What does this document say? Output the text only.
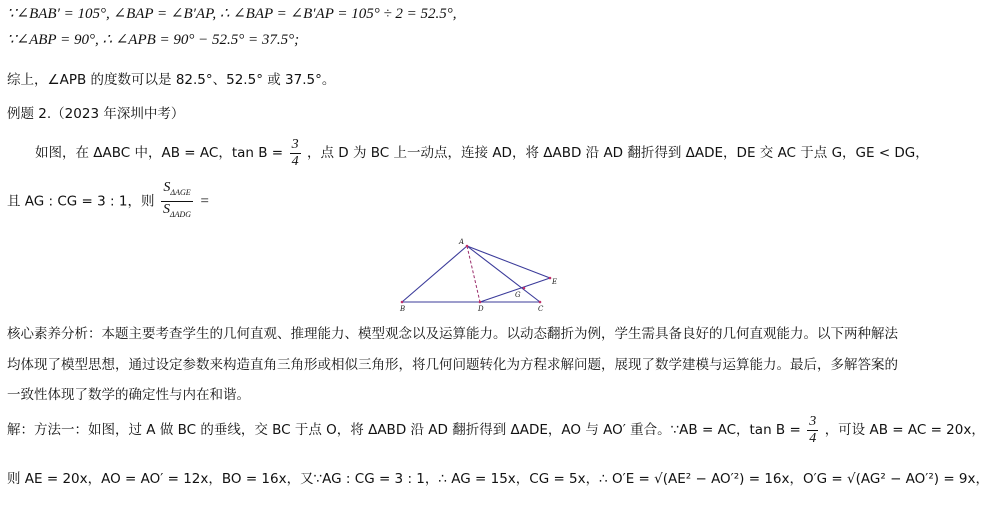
∵∠BAB′ = 105°, ∠BAP = ∠B′AP, ∴ ∠BAP = ∠B′AP = 105° ÷ 2 = 52.5°,
∵∠ABP = 90°, ∴ ∠APB = 90° − 52.5° = 37.5°;
综上，∠APB 的度数可以是 82.5°、52.5° 或 37.5°。
例题 2.（2023 年深圳中考）
如图，在 ΔABC 中，AB = AC，$\tan B = \frac{3}{4}$ ，点 D 为 BC 上一动点，连接 AD，将 ΔABD 沿 AD 翻折得到 ΔADE，DE 交 AC 于点 G，GE < DG，
且 AG : CG = 3 : 1，则 $\frac{S_{\Delta AGE}}{S_{\Delta ADG}}$ =
A
B	C
D
E
G
核心素养分析：本题主要考查学生的几何直观、推理能力、模型观念以及运算能力。以动态翻折为例，学生需具备良好的几何直观能力。以下两种解法
均体现了模型思想，通过设定参数来构造直角三角形或相似三角形，将几何问题转化为方程求解问题，展现了数学建模与运算能力。最后，多解答案的
一致性体现了数学的确定性与内在和谐。
解：方法一：如图，过 A 做 BC 的垂线，交 BC 于点 O，将 ΔABD 沿 AD 翻折得到 ΔADE，AO 与 AO′ 重合。∵AB = AC，$\tan B = \frac{3}{4}$ ，可设 AB = AC = 20x，
则 AE = 20x，AO = AO′ = 12x，BO = 16x，又∵AG : CG = 3 : 1，∴ AG = 15x，CG = 5x，∴ O′E = √(AE² − AO′²) = 16x，O′G = √(AG² − AO′²) = 9x，
